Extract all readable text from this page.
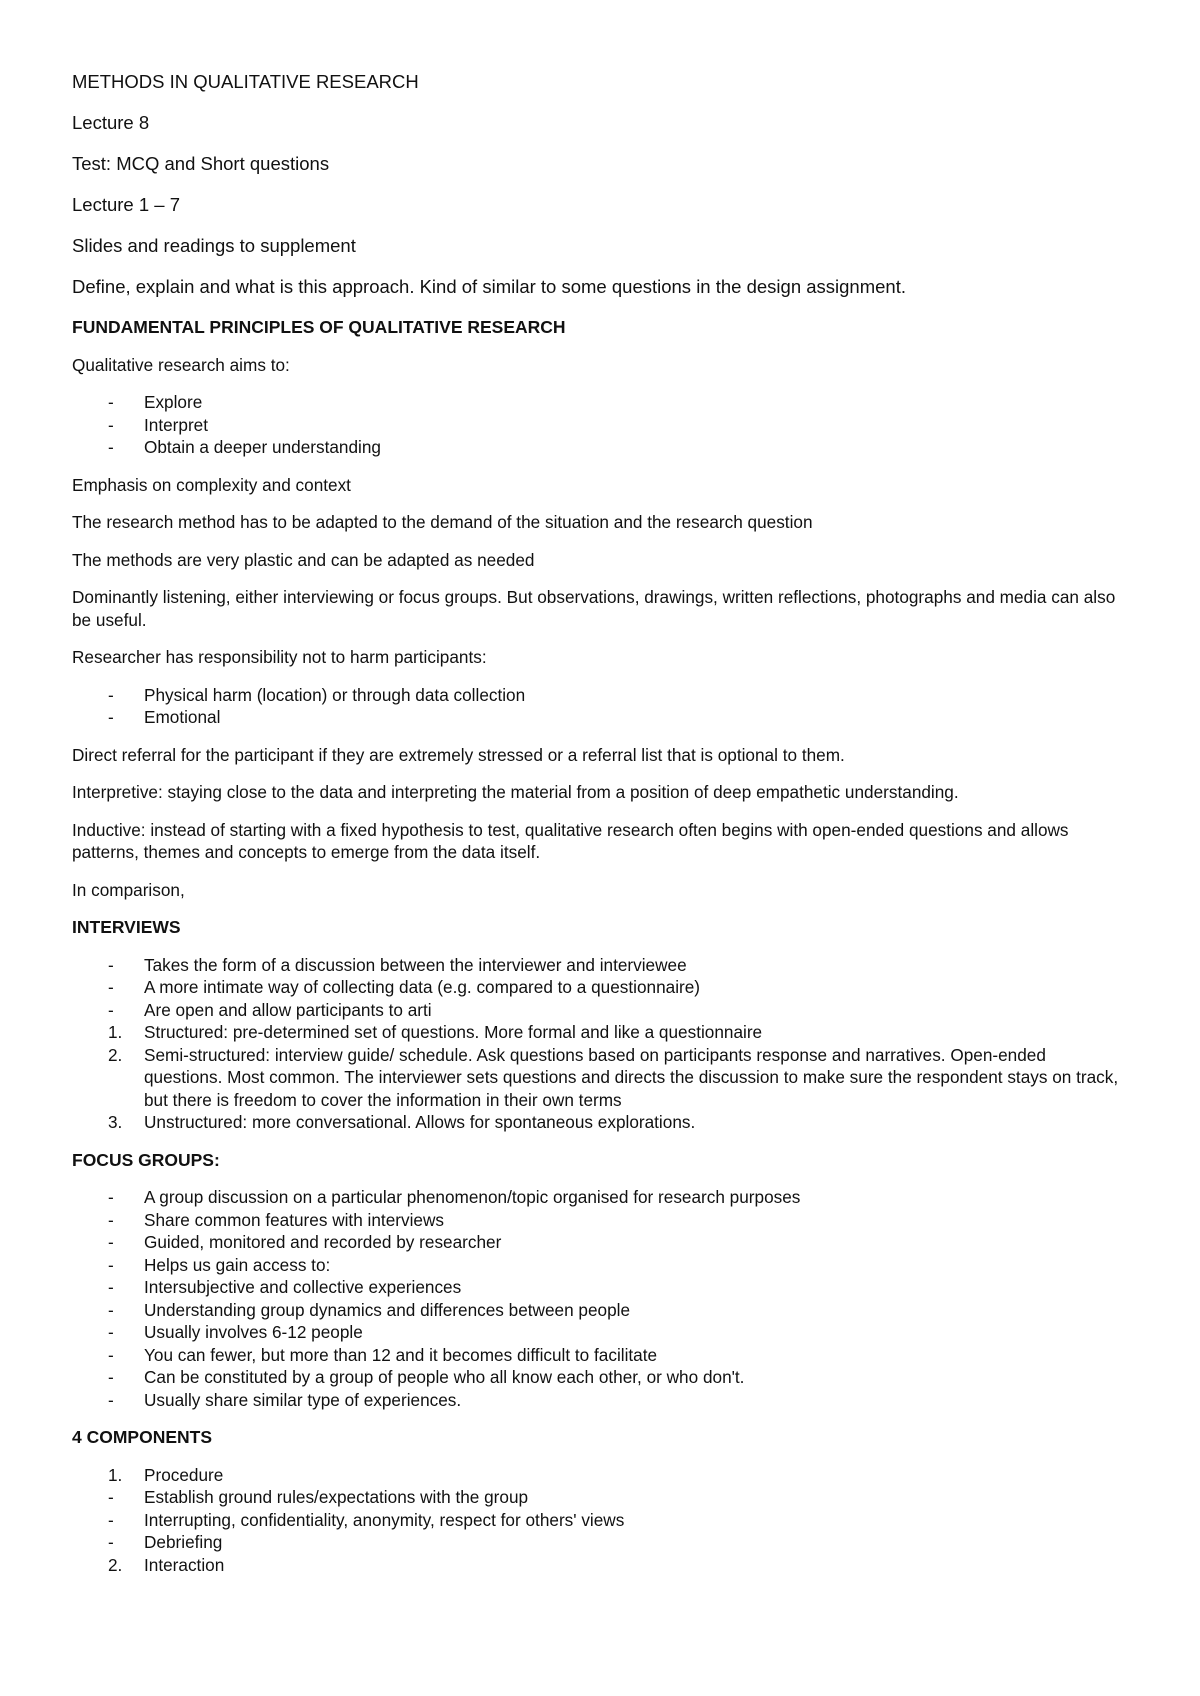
METHODS IN QUALITATIVE RESEARCH

Lecture 8

Test: MCQ and Short questions

Lecture 1 – 7

Slides and readings to supplement

Define, explain and what is this approach. Kind of similar to some questions in the design assignment.

FUNDAMENTAL PRINCIPLES OF QUALITATIVE RESEARCH

Qualitative research aims to:

-	Explore
-	Interpret
-	Obtain a deeper understanding

Emphasis on complexity and context

The research method has to be adapted to the demand of the situation and the research question

The methods are very plastic and can be adapted as needed

Dominantly listening, either interviewing or focus groups. But observations, drawings, written reflections, photographs and media can also be useful.

Researcher has responsibility not to harm participants:

-	Physical harm (location) or through data collection
-	Emotional

Direct referral for the participant if they are extremely stressed or a referral list that is optional to them.

Interpretive: staying close to the data and interpreting the material from a position of deep empathetic understanding.

Inductive: instead of starting with a fixed hypothesis to test, qualitative research often begins with open-ended questions and allows patterns, themes and concepts to emerge from the data itself.

In comparison,

INTERVIEWS

-	Takes the form of a discussion between the interviewer and interviewee
-	A more intimate way of collecting data (e.g. compared to a questionnaire)
-	Are open and allow participants to arti
1.	Structured: pre-determined set of questions. More formal and like a questionnaire
2.	Semi-structured: interview guide/ schedule. Ask questions based on participants response and narratives. Open-ended questions. Most common. The interviewer sets questions and directs the discussion to make sure the respondent stays on track, but there is freedom to cover the information in their own terms
3.	Unstructured: more conversational. Allows for spontaneous explorations.

FOCUS GROUPS:

-	A group discussion on a particular phenomenon/topic organised for research purposes
-	Share common features with interviews
-	Guided, monitored and recorded by researcher
-	Helps us gain access to:
-	Intersubjective and collective experiences
-	Understanding group dynamics and differences between people
-	Usually involves 6-12 people
-	You can fewer, but more than 12 and it becomes difficult to facilitate
-	Can be constituted by a group of people who all know each other, or who don't.
-	Usually share similar type of experiences.

4 COMPONENTS

1.	Procedure
-	Establish ground rules/expectations with the group
-	Interrupting, confidentiality, anonymity, respect for others' views
-	Debriefing
2.	Interaction
